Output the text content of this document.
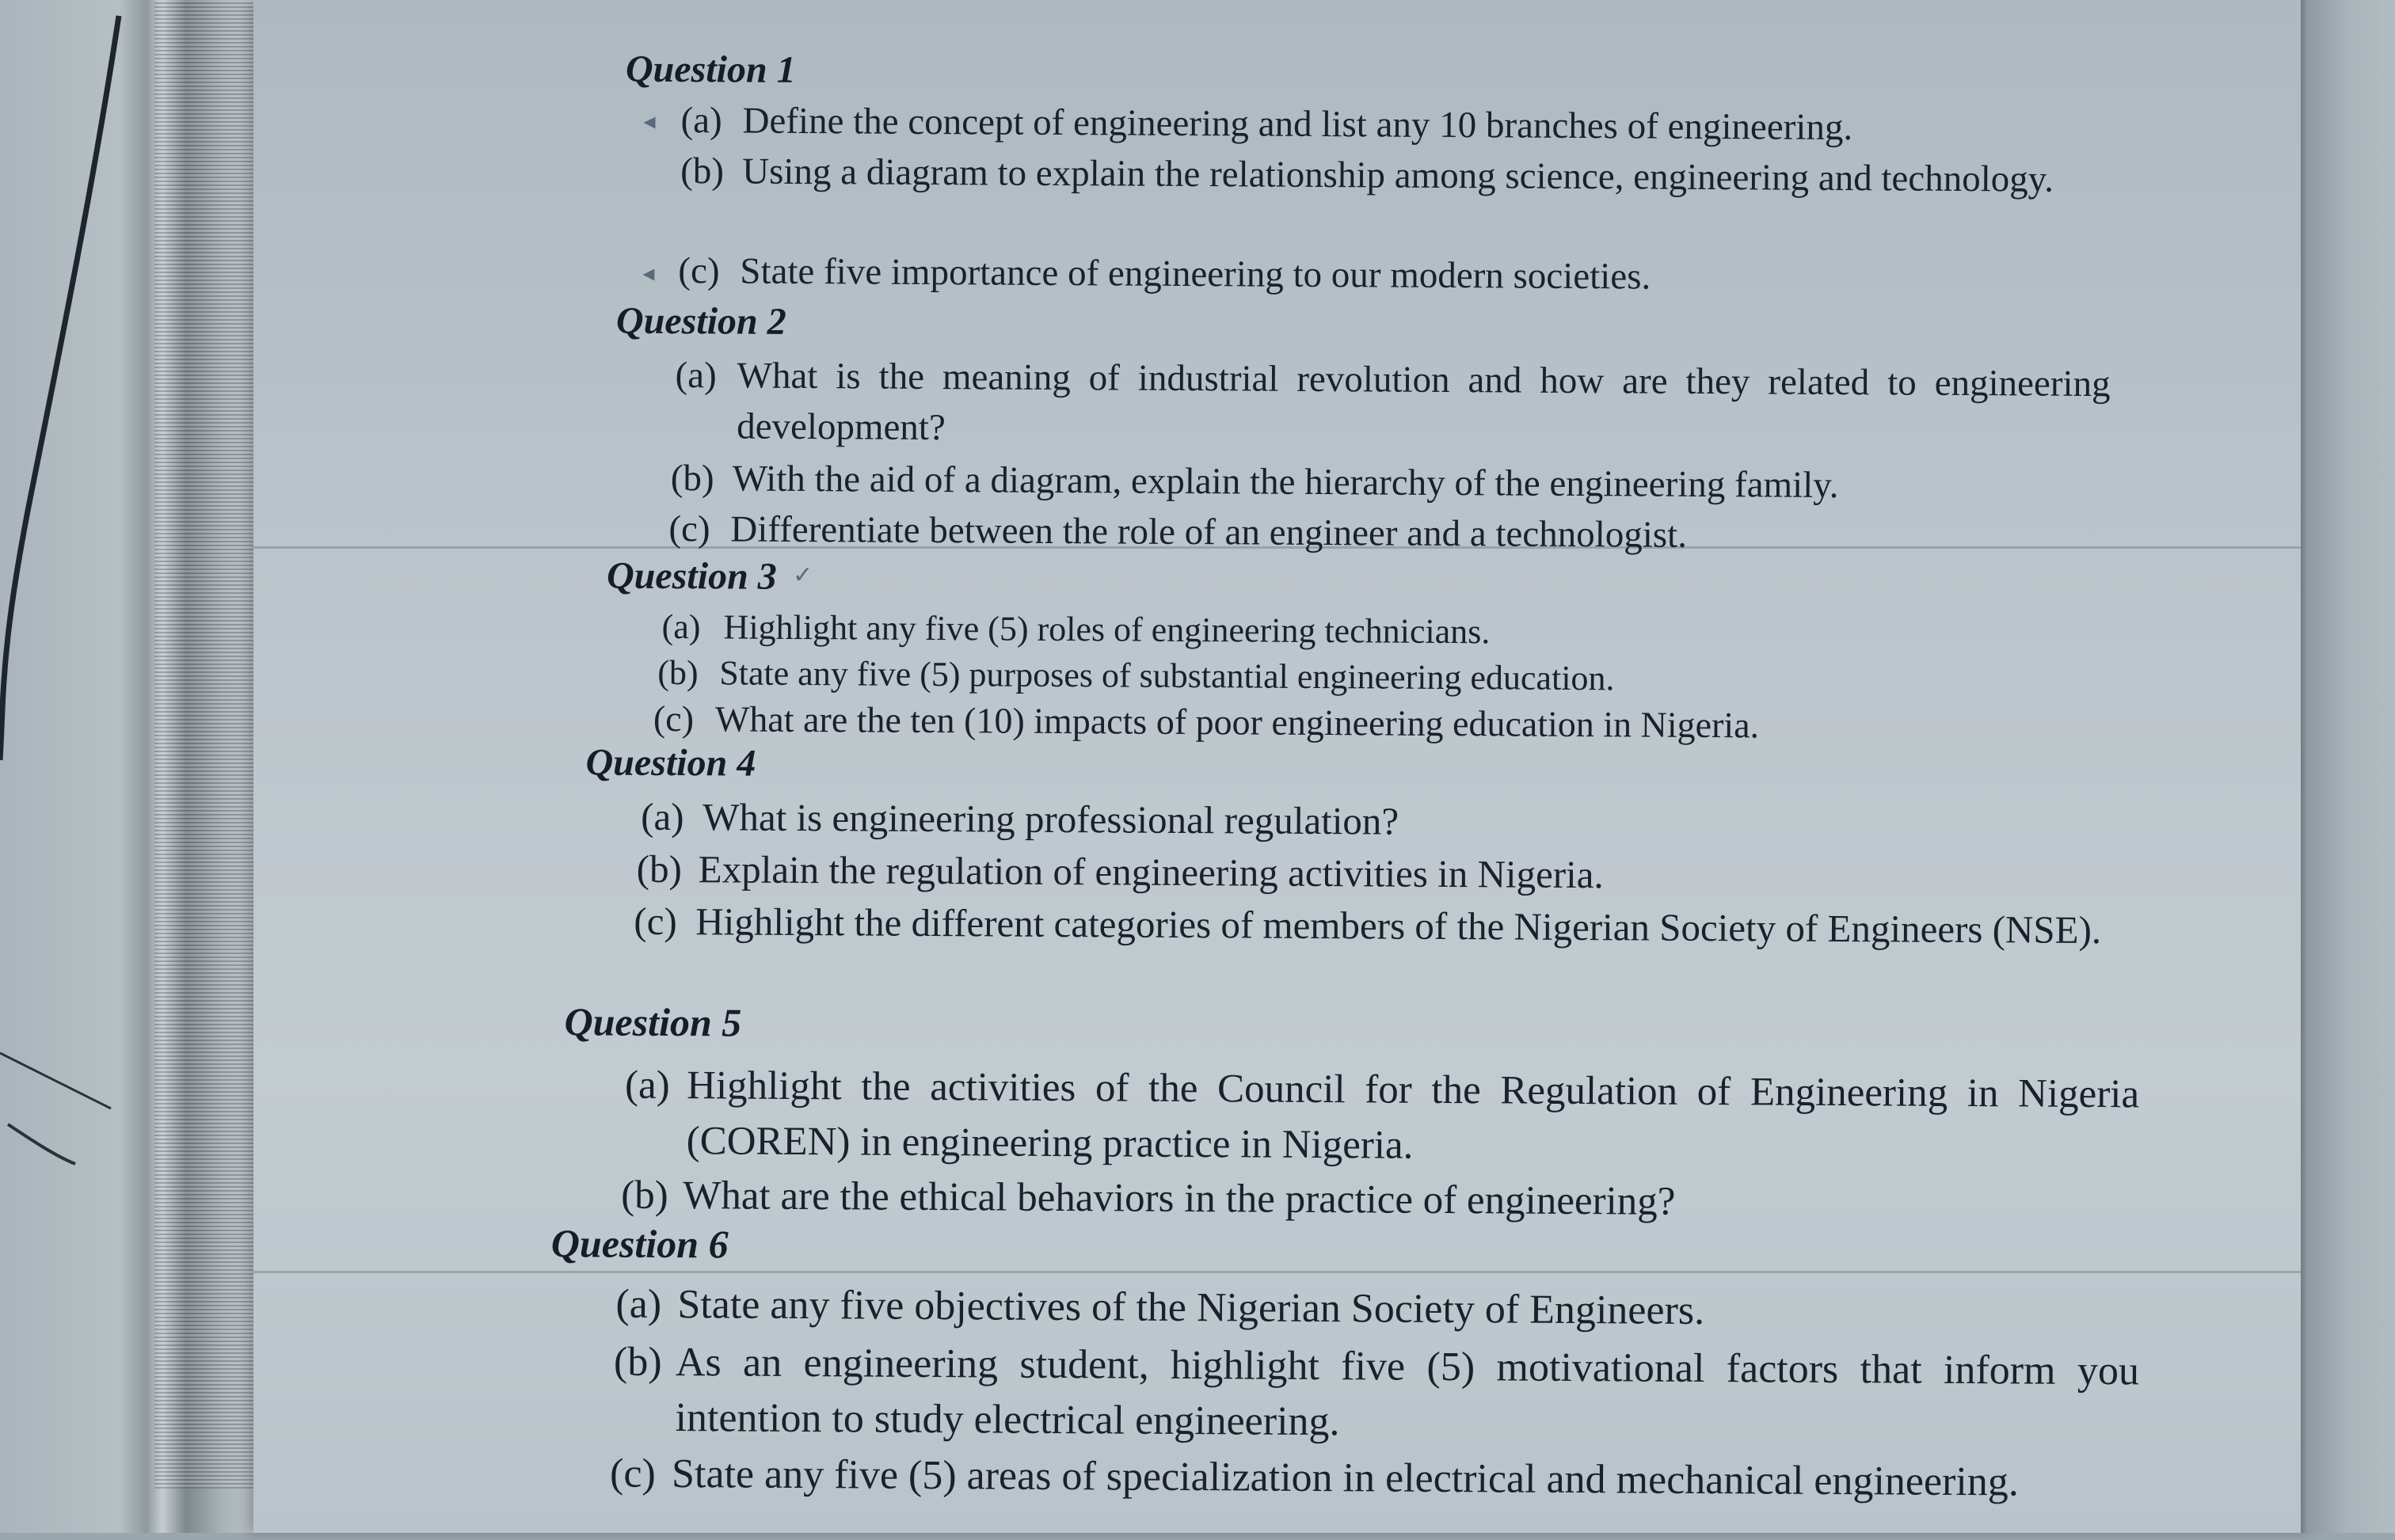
Question 1
◂ (a) Define the concept of engineering and list any 10 branches of engineering.
(b) Using a diagram to explain the relationship among science, engineering and technology.
◂ (c) State five importance of engineering to our modern societies.
Question 2
(a) What is the meaning of industrial revolution and how are they related to engineering development?
(b) With the aid of a diagram, explain the hierarchy of the engineering family.
(c) Differentiate between the role of an engineer and a technologist.
Question 3 ✓
(a) Highlight any five (5) roles of engineering technicians.
(b) State any five (5) purposes of substantial engineering education.
(c) What are the ten (10) impacts of poor engineering education in Nigeria.
Question 4
(a) What is engineering professional regulation?
(b) Explain the regulation of engineering activities in Nigeria.
(c) Highlight the different categories of members of the Nigerian Society of Engineers (NSE).
Question 5
(a) Highlight the activities of the Council for the Regulation of Engineering in Nigeria (COREN) in engineering practice in Nigeria.
(b) What are the ethical behaviors in the practice of engineering?
Question 6
(a) State any five objectives of the Nigerian Society of Engineers.
(b) As an engineering student, highlight five (5) motivational factors that inform you intention to study electrical engineering.
(c) State any five (5) areas of specialization in electrical and mechanical engineering.
